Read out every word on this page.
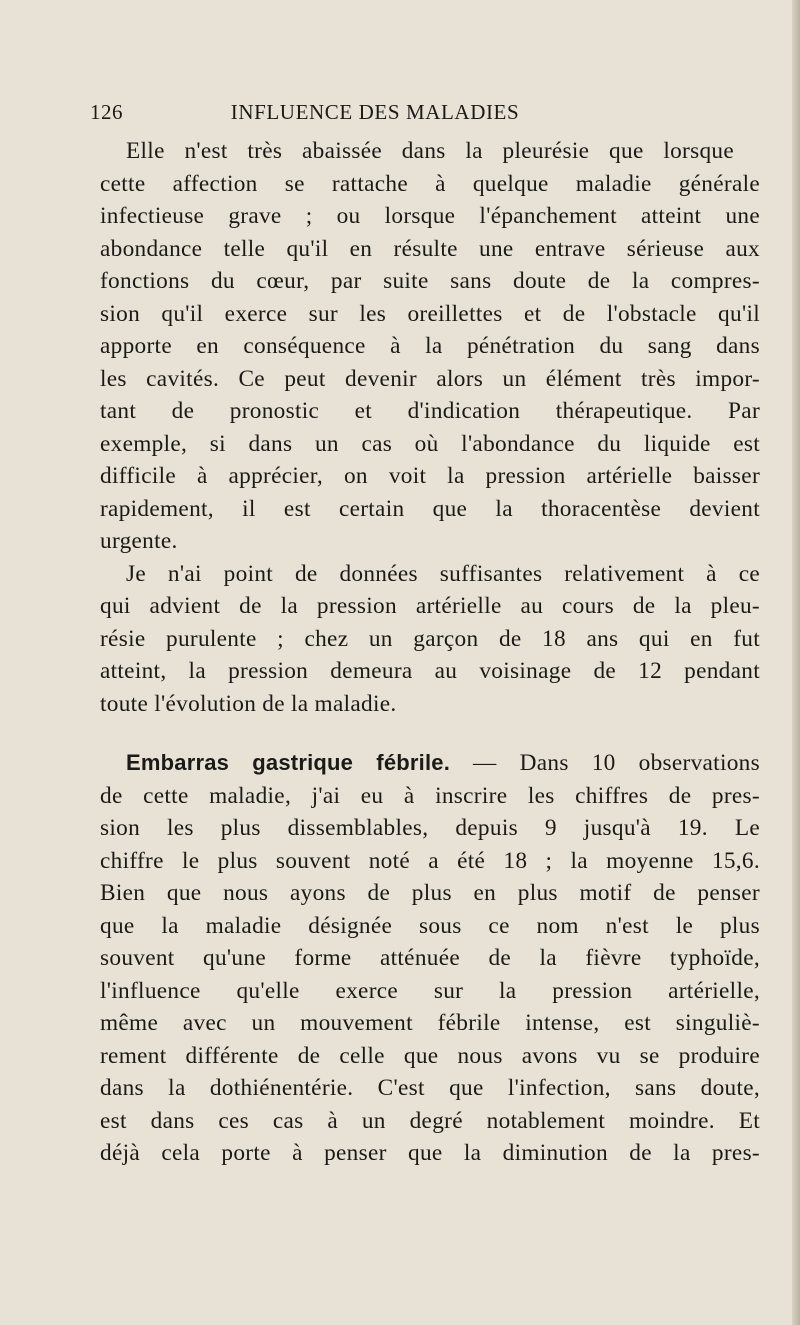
126	INFLUENCE DES MALADIES
Elle n'est très abaissée dans la pleurésie que lorsque
cette affection se rattache à quelque maladie générale
infectieuse grave ; ou lorsque l'épanchement atteint une
abondance telle qu'il en résulte une entrave sérieuse aux
fonctions du cœur, par suite sans doute de la compres-
sion qu'il exerce sur les oreillettes et de l'obstacle qu'il
apporte en conséquence à la pénétration du sang dans
les cavités. Ce peut devenir alors un élément très impor-
tant de pronostic et d'indication thérapeutique. Par
exemple, si dans un cas où l'abondance du liquide est
difficile à apprécier, on voit la pression artérielle baisser
rapidement, il est certain que la thoracentèse devient
urgente.
Je n'ai point de données suffisantes relativement à ce
qui advient de la pression artérielle au cours de la pleu-
résie purulente ; chez un garçon de 18 ans qui en fut
atteint, la pression demeura au voisinage de 12 pendant
toute l'évolution de la maladie.
Embarras gastrique fébrile. — Dans 10 observations
de cette maladie, j'ai eu à inscrire les chiffres de pres-
sion les plus dissemblables, depuis 9 jusqu'à 19. Le
chiffre le plus souvent noté a été 18 ; la moyenne 15,6.
Bien que nous ayons de plus en plus motif de penser
que la maladie désignée sous ce nom n'est le plus
souvent qu'une forme atténuée de la fièvre typhoïde,
l'influence qu'elle exerce sur la pression artérielle,
même avec un mouvement fébrile intense, est singuliè-
rement différente de celle que nous avons vu se produire
dans la dothiénentérie. C'est que l'infection, sans doute,
est dans ces cas à un degré notablement moindre. Et
déjà cela porte à penser que la diminution de la pres-
